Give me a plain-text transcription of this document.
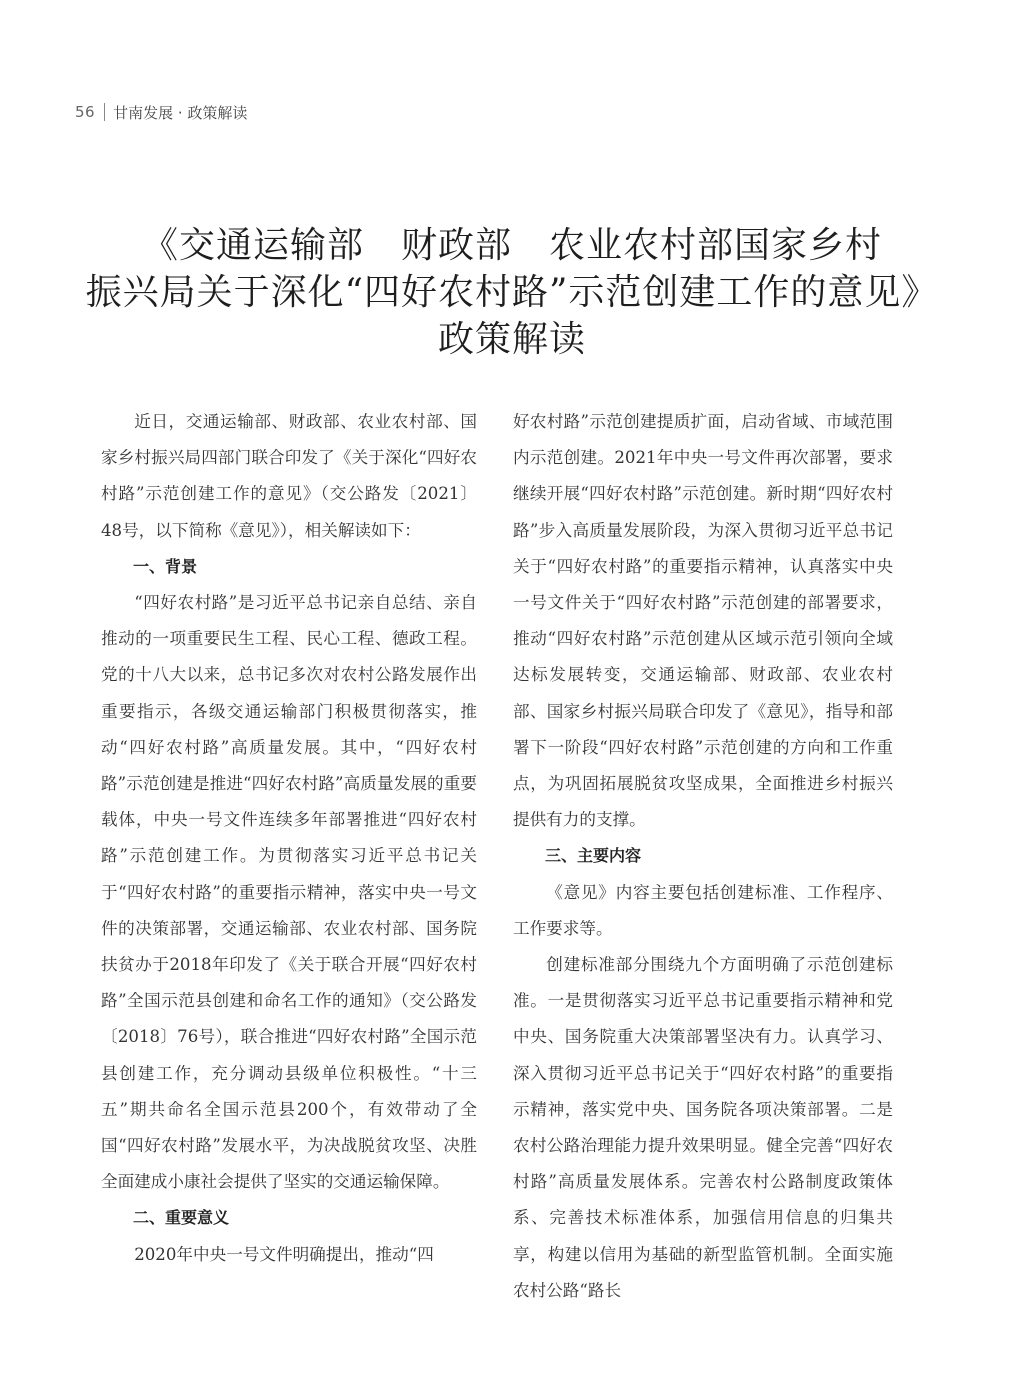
56 甘南发展 · 政策解读
《交通运输部　财政部　农业农村部国家乡村
振兴局关于深化“四好农村路”示范创建工作的意见》
政策解读

近日，交通运输部、财政部、农业农村部、国家乡村振兴局四部门联合印发了《关于深化“四好农村路”示范创建工作的意见》（交公路发〔2021〕48号，以下简称《意见》），相关解读如下：

一、背景

“四好农村路”是习近平总书记亲自总结、亲自推动的一项重要民生工程、民心工程、德政工程。党的十八大以来，总书记多次对农村公路发展作出重要指示，各级交通运输部门积极贯彻落实，推动“四好农村路”高质量发展。其中，“四好农村路”示范创建是推进“四好农村路”高质量发展的重要载体，中央一号文件连续多年部署推进“四好农村路”示范创建工作。为贯彻落实习近平总书记关于“四好农村路”的重要指示精神，落实中央一号文件的决策部署，交通运输部、农业农村部、国务院扶贫办于2018年印发了《关于联合开展“四好农村路”全国示范县创建和命名工作的通知》（交公路发〔2018〕76号），联合推进“四好农村路”全国示范县创建工作，充分调动县级单位积极性。“十三五”期共命名全国示范县200个，有效带动了全国“四好农村路”发展水平，为决战脱贫攻坚、决胜全面建成小康社会提供了坚实的交通运输保障。

二、重要意义

2020年中央一号文件明确提出，推动“四

好农村路”示范创建提质扩面，启动省域、市域范围内示范创建。2021年中央一号文件再次部署，要求继续开展“四好农村路”示范创建。新时期“四好农村路”步入高质量发展阶段，为深入贯彻习近平总书记关于“四好农村路”的重要指示精神，认真落实中央一号文件关于“四好农村路”示范创建的部署要求，推动“四好农村路”示范创建从区域示范引领向全域达标发展转变，交通运输部、财政部、农业农村部、国家乡村振兴局联合印发了《意见》，指导和部署下一阶段“四好农村路”示范创建的方向和工作重点，为巩固拓展脱贫攻坚成果，全面推进乡村振兴提供有力的支撑。

三、主要内容

《意见》内容主要包括创建标准、工作程序、工作要求等。

创建标准部分围绕九个方面明确了示范创建标准。一是贯彻落实习近平总书记重要指示精神和党中央、国务院重大决策部署坚决有力。认真学习、深入贯彻习近平总书记关于“四好农村路”的重要指示精神，落实党中央、国务院各项决策部署。二是农村公路治理能力提升效果明显。健全完善“四好农村路”高质量发展体系。完善农村公路制度政策体系、完善技术标准体系，加强信用信息的归集共享，构建以信用为基础的新型监管机制。全面实施农村公路“路长
